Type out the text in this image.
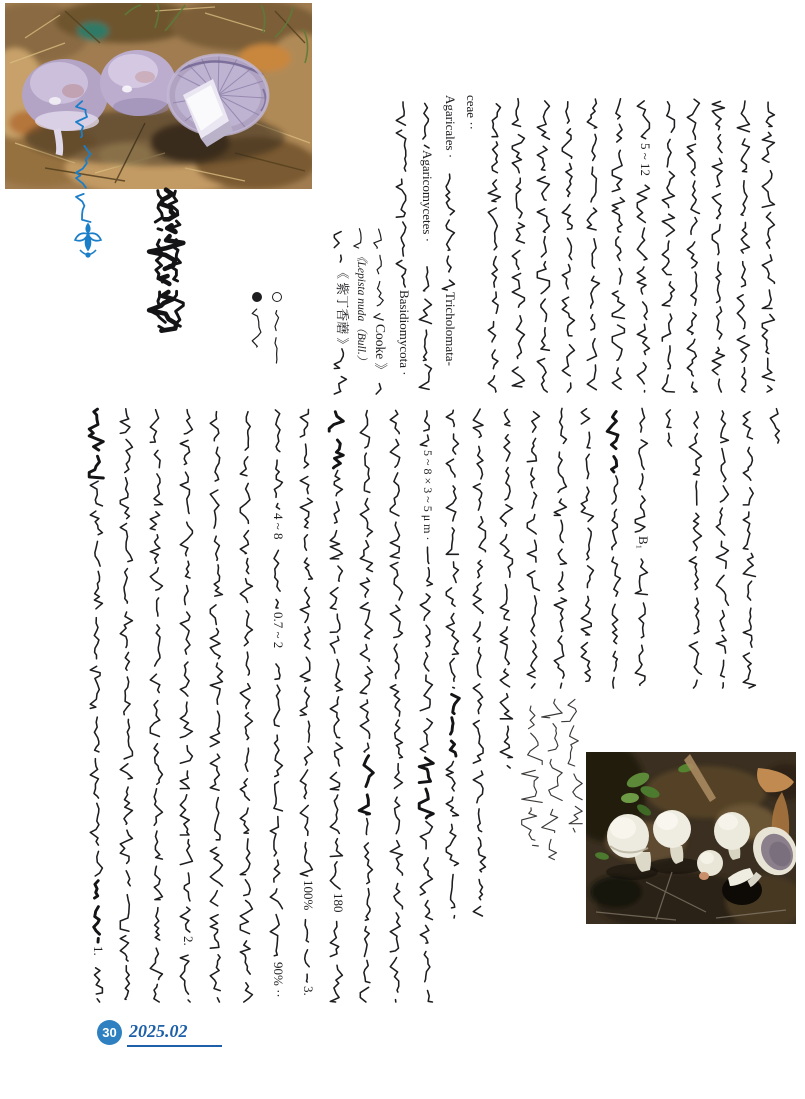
30 2025.02
Agaricales · ceae ··
Tricholomata-
Agaricomycetes ·
Basidiomycota ·
Cooke 》
《Lepista nuda（Bull.）
《 紫丁香蘑 》
5 ~ 12
5 ~ 8 × 3 ~ 5 μ m ·
4 ~ 8
0.7 ~ 2
B₁
180
100%
90% ··
1.
2.
3.
